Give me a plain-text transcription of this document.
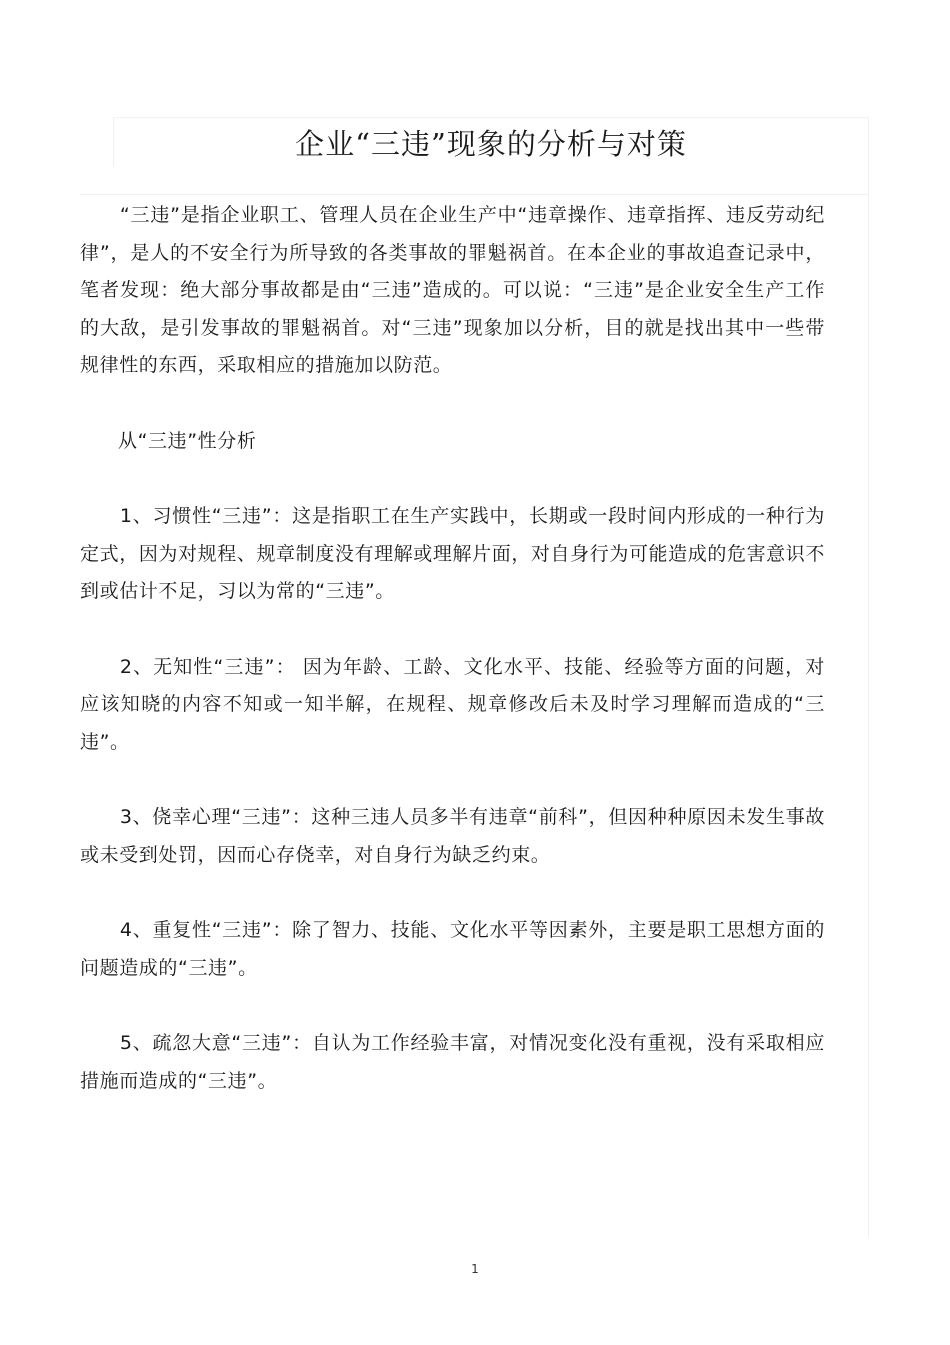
企业“三违”现象的分析与对策

“三违”是指企业职工、管理人员在企业生产中“违章操作、违章指挥、违反劳动纪律”，是人的不安全行为所导致的各类事故的罪魁祸首。在本企业的事故追查记录中，笔者发现：绝大部分事故都是由“三违”造成的。可以说：“三违”是企业安全生产工作的大敌，是引发事故的罪魁祸首。对“三违”现象加以分析，目的就是找出其中一些带规律性的东西，采取相应的措施加以防范。

从“三违”性分析

1、习惯性“三违”：这是指职工在生产实践中，长期或一段时间内形成的一种行为定式，因为对规程、规章制度没有理解或理解片面，对自身行为可能造成的危害意识不到或估计不足，习以为常的“三违”。

2、无知性“三违”： 因为年龄、工龄、文化水平、技能、经验等方面的问题，对应该知晓的内容不知或一知半解，在规程、规章修改后未及时学习理解而造成的“三违”。

3、侥幸心理“三违”：这种三违人员多半有违章“前科”，但因种种原因未发生事故或未受到处罚，因而心存侥幸，对自身行为缺乏约束。

4、重复性“三违”：除了智力、技能、文化水平等因素外，主要是职工思想方面的问题造成的“三违”。

5、疏忽大意“三违”：自认为工作经验丰富，对情况变化没有重视，没有采取相应措施而造成的“三违”。

1
